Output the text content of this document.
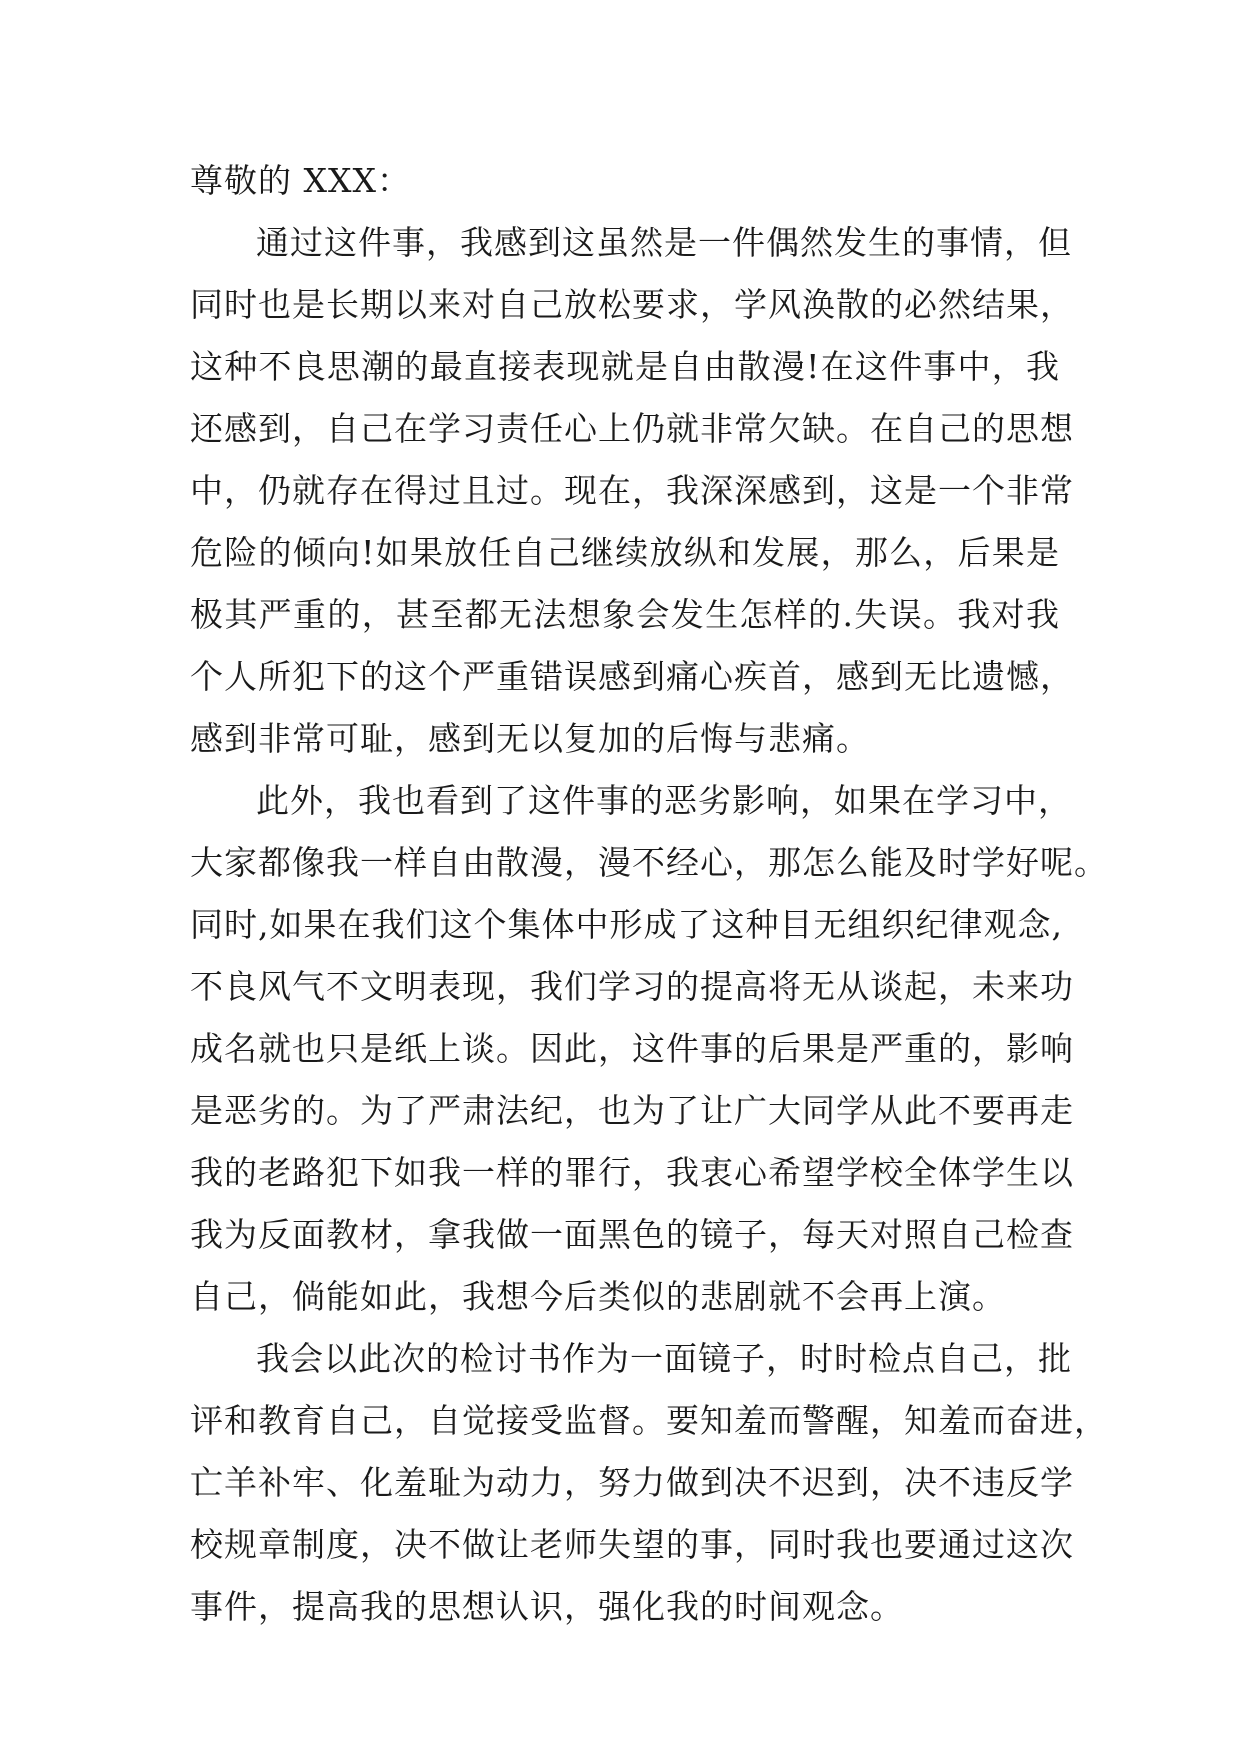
尊敬的 XXX：
通过这件事，我感到这虽然是一件偶然发生的事情，但
同时也是长期以来对自己放松要求，学风涣散的必然结果，
这种不良思潮的最直接表现就是自由散漫!在这件事中，我
还感到，自己在学习责任心上仍就非常欠缺。在自己的思想
中，仍就存在得过且过。现在，我深深感到，这是一个非常
危险的倾向!如果放任自己继续放纵和发展，那么，后果是
极其严重的，甚至都无法想象会发生怎样的.失误。我对我
个人所犯下的这个严重错误感到痛心疾首，感到无比遗憾，
感到非常可耻，感到无以复加的后悔与悲痛。
此外，我也看到了这件事的恶劣影响，如果在学习中，
大家都像我一样自由散漫，漫不经心，那怎么能及时学好呢。
同时,如果在我们这个集体中形成了这种目无组织纪律观念,
不良风气不文明表现，我们学习的提高将无从谈起，未来功
成名就也只是纸上谈。因此，这件事的后果是严重的，影响
是恶劣的。为了严肃法纪，也为了让广大同学从此不要再走
我的老路犯下如我一样的罪行，我衷心希望学校全体学生以
我为反面教材，拿我做一面黑色的镜子，每天对照自己检查
自己，倘能如此，我想今后类似的悲剧就不会再上演。
我会以此次的检讨书作为一面镜子，时时检点自己，批
评和教育自己，自觉接受监督。要知羞而警醒，知羞而奋进，
亡羊补牢、化羞耻为动力，努力做到决不迟到，决不违反学
校规章制度，决不做让老师失望的事，同时我也要通过这次
事件，提高我的思想认识，强化我的时间观念。
